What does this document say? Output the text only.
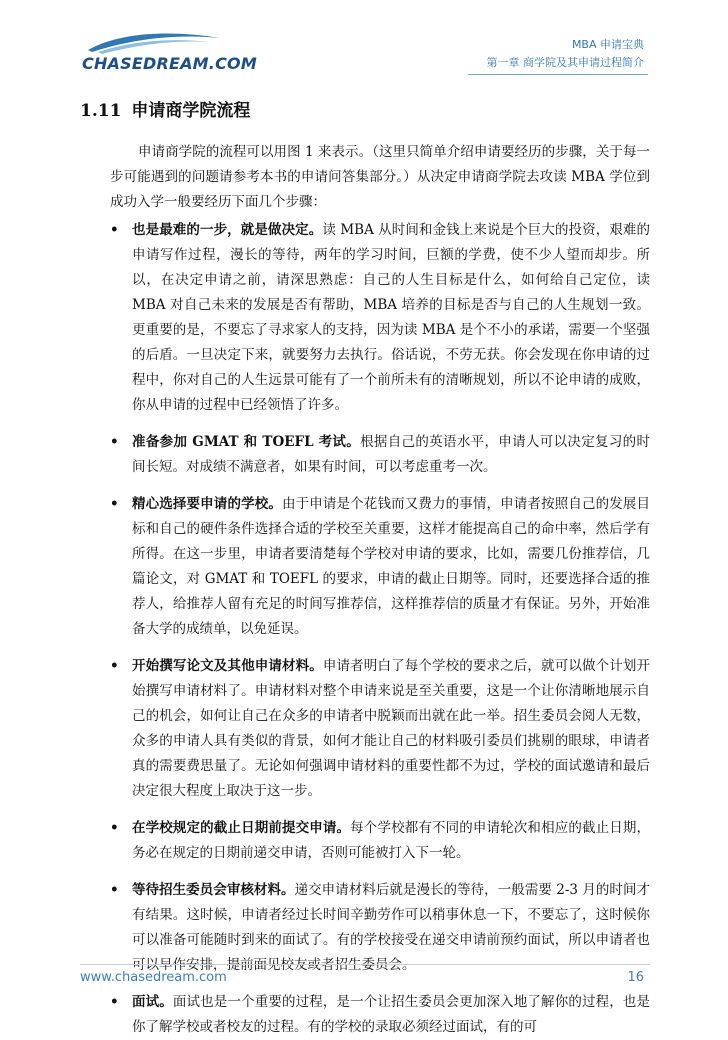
CHASEDREAM.COM
MBA 申请宝典
第一章 商学院及其申请过程简介
1.11 申请商学院流程

申请商学院的流程可以用图 1 来表示。（这里只简单介绍申请要经历的步骤，关于每一步可能遇到的问题请参考本书的申请问答集部分。）从决定申请商学院去攻读 MBA 学位到成功入学一般要经历下面几个步骤：

• 也是最难的一步，就是做决定。读 MBA 从时间和金钱上来说是个巨大的投资，艰难的申请写作过程，漫长的等待，两年的学习时间，巨额的学费，使不少人望而却步。所以，在决定申请之前，请深思熟虑：自己的人生目标是什么，如何给自己定位，读 MBA 对自己未来的发展是否有帮助，MBA 培养的目标是否与自己的人生规划一致。更重要的是，不要忘了寻求家人的支持，因为读 MBA 是个不小的承诺，需要一个坚强的后盾。一旦决定下来，就要努力去执行。俗话说，不劳无获。你会发现在你申请的过程中，你对自己的人生远景可能有了一个前所未有的清晰规划，所以不论申请的成败，你从申请的过程中已经领悟了许多。
• 准备参加 GMAT 和 TOEFL 考试。根据自己的英语水平，申请人可以决定复习的时间长短。对成绩不满意者，如果有时间，可以考虑重考一次。
• 精心选择要申请的学校。由于申请是个花钱而又费力的事情，申请者按照自己的发展目标和自己的硬件条件选择合适的学校至关重要，这样才能提高自己的命中率，然后学有所得。在这一步里，申请者要清楚每个学校对申请的要求，比如，需要几份推荐信，几篇论文，对 GMAT 和 TOEFL 的要求，申请的截止日期等。同时，还要选择合适的推荐人，给推荐人留有充足的时间写推荐信，这样推荐信的质量才有保证。另外，开始准备大学的成绩单，以免延误。
• 开始撰写论文及其他申请材料。申请者明白了每个学校的要求之后，就可以做个计划开始撰写申请材料了。申请材料对整个申请来说是至关重要，这是一个让你清晰地展示自己的机会，如何让自己在众多的申请者中脱颖而出就在此一举。招生委员会阅人无数，众多的申请人具有类似的背景，如何才能让自己的材料吸引委员们挑剔的眼球，申请者真的需要费思量了。无论如何强调申请材料的重要性都不为过，学校的面试邀请和最后决定很大程度上取决于这一步。
• 在学校规定的截止日期前提交申请。每个学校都有不同的申请轮次和相应的截止日期，务必在规定的日期前递交申请，否则可能被打入下一轮。
• 等待招生委员会审核材料。递交申请材料后就是漫长的等待，一般需要 2-3 月的时间才有结果。这时候，申请者经过长时间辛勤劳作可以稍事休息一下，不要忘了，这时候你可以准备可能随时到来的面试了。有的学校接受在递交申请前预约面试，所以申请者也可以早作安排，提前面见校友或者招生委员会。
• 面试。面试也是一个重要的过程，是一个让招生委员会更加深入地了解你的过程，也是你了解学校或者校友的过程。有的学校的录取必须经过面试，有的可
www.chasedream.com	16
